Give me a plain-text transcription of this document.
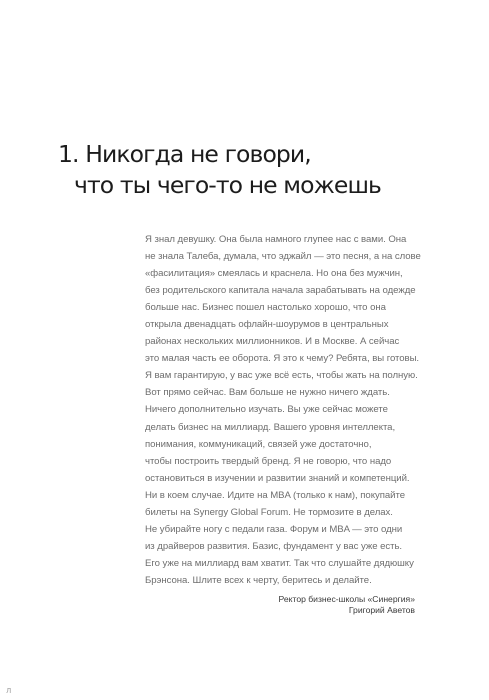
1. Никогда не говори,
что ты чего-то не можешь

Я знал девушку. Она была намного глупее нас с вами. Она
не знала Талеба, думала, что эджайл — это песня, а на слове
«фасилитация» смеялась и краснела. Но она без мужчин,
без родительского капитала начала зарабатывать на одежде
больше нас. Бизнес пошел настолько хорошо, что она
открыла двенадцать офлайн-шоурумов в центральных
районах нескольких миллионников. И в Москве. А сейчас
это малая часть ее оборота. Я это к чему? Ребята, вы готовы.
Я вам гарантирую, у вас уже всё есть, чтобы жать на полную.
Вот прямо сейчас. Вам больше не нужно ничего ждать.
Ничего дополнительно изучать. Вы уже сейчас можете
делать бизнес на миллиард. Вашего уровня интеллекта,
понимания, коммуникаций, связей уже достаточно,
чтобы построить твердый бренд. Я не говорю, что надо
остановиться в изучении и развитии знаний и компетенций.
Ни в коем случае. Идите на MBA (только к нам), покупайте
билеты на Synergy Global Forum. Не тормозите в делах.
Не убирайте ногу с педали газа. Форум и MBA — это одни
из драйверов развития. Базис, фундамент у вас уже есть.
Его уже на миллиард вам хватит. Так что слушайте дядюшку
Брэнсона. Шлите всех к черту, беритесь и делайте.

Ректор бизнес-школы «Синергия»
Григорий Аветов
Л
